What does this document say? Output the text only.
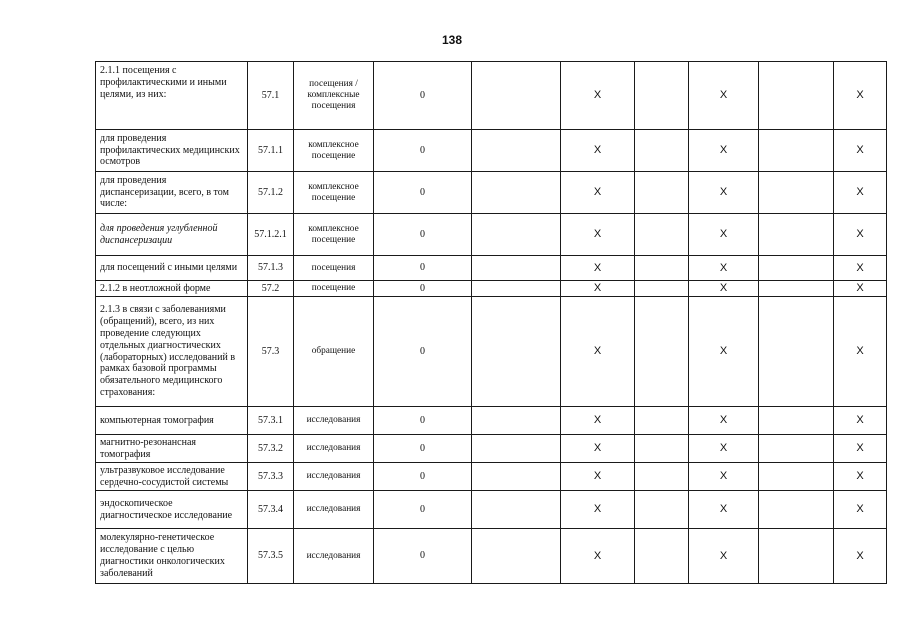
138
2.1.1 посещения с профилактическими и иными целями, из них:	57.1	посещения / комплексные посещения	0		X		X		X
для проведения профилактических медицинских осмотров	57.1.1	комплексное посещение	0		X		X		X
для проведения диспансеризации, всего, в том числе:	57.1.2	комплексное посещение	0		X		X		X
для проведения углубленной диспансеризации	57.1.2.1	комплексное посещение	0		X		X		X
для посещений с иными целями	57.1.3	посещения	0		X		X		X
2.1.2 в неотложной форме	57.2	посещение	0		X		X		X
2.1.3 в связи с заболеваниями (обращений), всего, из них проведение следующих отдельных диагностических (лабораторных) исследований в рамках базовой программы обязательного медицинского страхования:	57.3	обращение	0		X		X		X
компьютерная томография	57.3.1	исследования	0		X		X		X
магнитно-резонансная томография	57.3.2	исследования	0		X		X		X
ультразвуковое исследование сердечно-сосудистой системы	57.3.3	исследования	0		X		X		X
эндоскопическое диагностическое исследование	57.3.4	исследования	0		X		X		X
молекулярно-генетическое исследование с целью диагностики онкологических заболеваний	57.3.5	исследования	0		X		X		X
